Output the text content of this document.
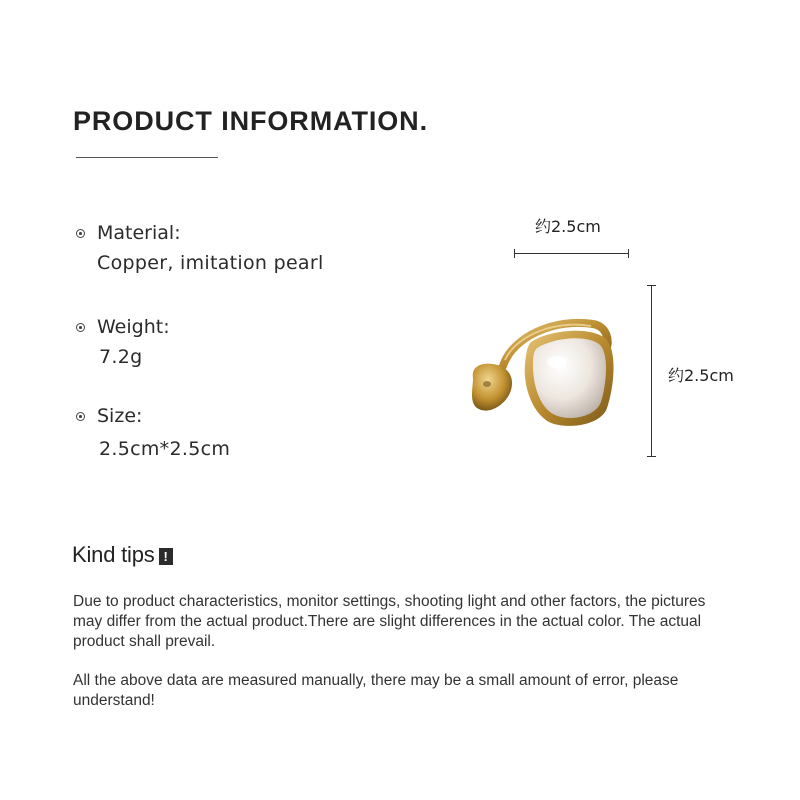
PRODUCT INFORMATION.
Material:
Copper, imitation pearl
Weight:
7.2g
Size:
2.5cm*2.5cm
约2.5cm
约2.5cm
Kind tips !

Due to product characteristics, monitor settings, shooting light and other factors, the pictures may differ from the actual product.There are slight differences in the actual color. The actual product shall prevail.

All the above data are measured manually, there may be a small amount of error, please understand!
